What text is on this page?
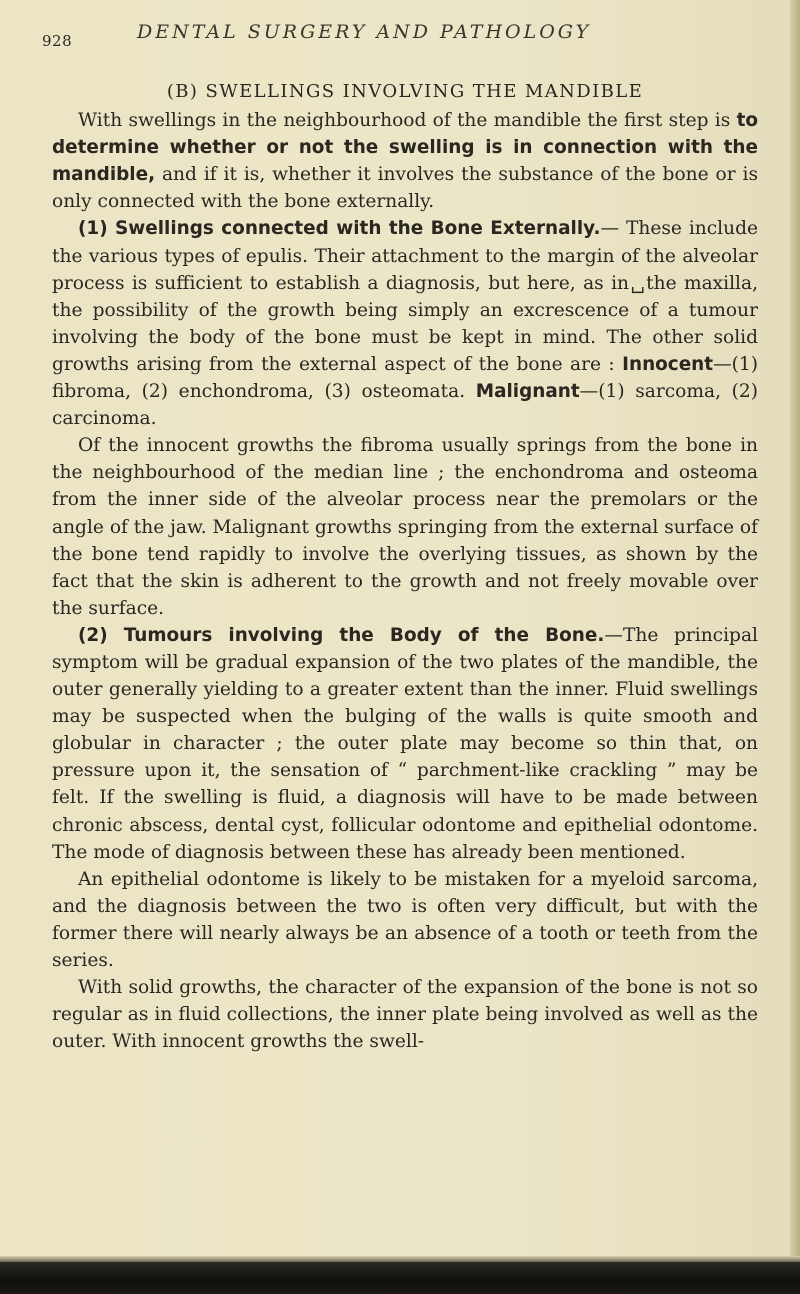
928	DENTAL SURGERY AND PATHOLOGY
(B) SWELLINGS INVOLVING THE MANDIBLE

With swellings in the neighbourhood of the mandible the first step is to determine whether or not the swelling is in connection with the mandible, and if it is, whether it involves the substance of the bone or is only connected with the bone externally.

(1) Swellings connected with the Bone Externally.— These include the various types of epulis. Their attachment to the margin of the alveolar process is sufficient to establish a diagnosis, but here, as in␣the maxilla, the possibility of the growth being simply an excrescence of a tumour involving the body of the bone must be kept in mind. The other solid growths arising from the external aspect of the bone are : Innocent—(1) fibroma, (2) enchondroma, (3) osteomata. Malignant—(1) sarcoma, (2) carcinoma.

Of the innocent growths the fibroma usually springs from the bone in the neighbourhood of the median line ; the enchondroma and osteoma from the inner side of the alveolar process near the premolars or the angle of the jaw. Malignant growths springing from the external surface of the bone tend rapidly to involve the overlying tissues, as shown by the fact that the skin is adherent to the growth and not freely movable over the surface.

(2) Tumours involving the Body of the Bone.—The principal symptom will be gradual expansion of the two plates of the mandible, the outer generally yielding to a greater extent than the inner. Fluid swellings may be suspected when the bulging of the walls is quite smooth and globular in character ; the outer plate may become so thin that, on pressure upon it, the sensation of “ parchment-like crackling ” may be felt. If the swelling is fluid, a diagnosis will have to be made between chronic abscess, dental cyst, follicular odontome and epithelial odontome. The mode of diagnosis between these has already been mentioned.

An epithelial odontome is likely to be mistaken for a myeloid sarcoma, and the diagnosis between the two is often very difficult, but with the former there will nearly always be an absence of a tooth or teeth from the series.

With solid growths, the character of the expansion of the bone is not so regular as in fluid collections, the inner plate being involved as well as the outer. With innocent growths the swell-
